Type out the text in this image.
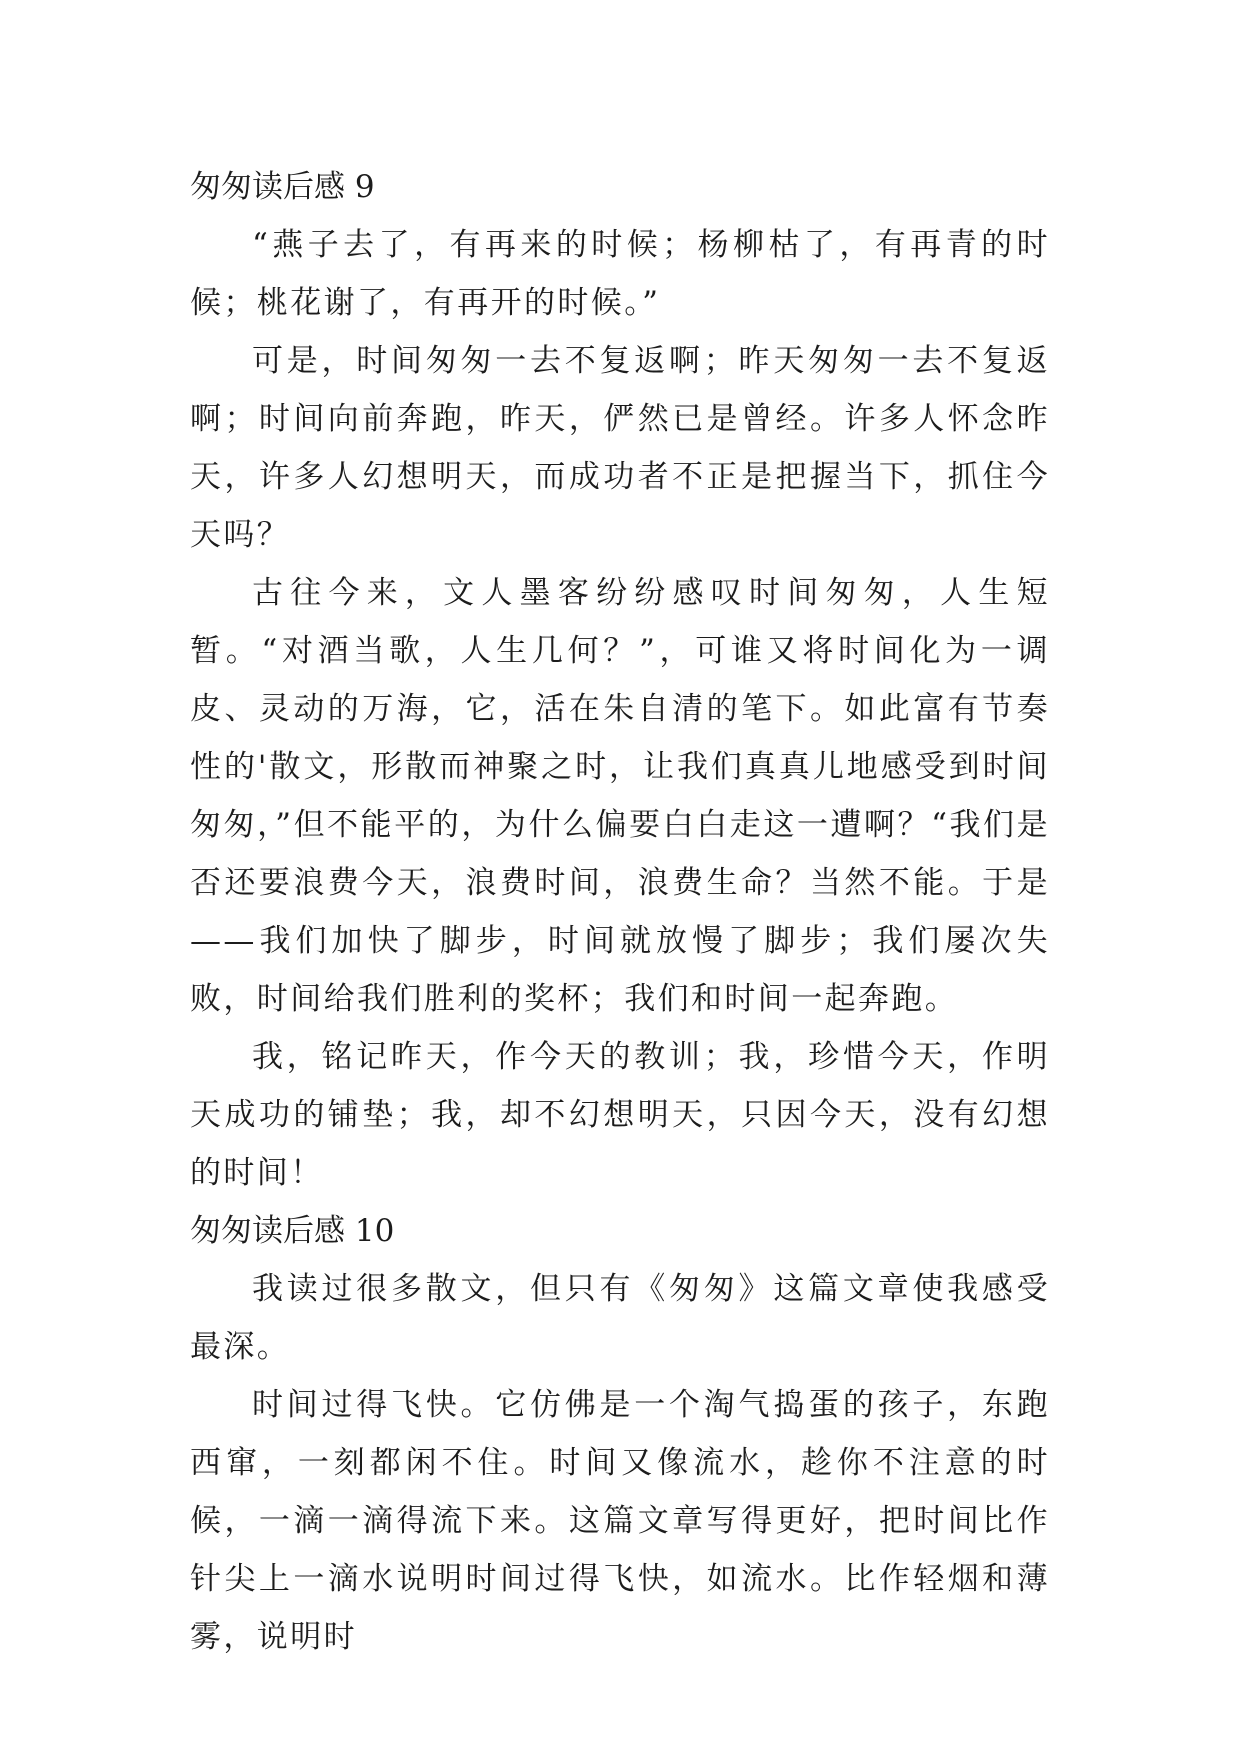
匆匆读后感 9

“燕子去了，有再来的时候；杨柳枯了，有再青的时候；桃花谢了，有再开的时候。”

可是，时间匆匆一去不复返啊；昨天匆匆一去不复返啊；时间向前奔跑，昨天，俨然已是曾经。许多人怀念昨天，许多人幻想明天，而成功者不正是把握当下，抓住今天吗？

古往今来，文人墨客纷纷感叹时间匆匆，人生短暂。“对酒当歌，人生几何？”，可谁又将时间化为一调皮、灵动的万海，它，活在朱自清的笔下。如此富有节奏性的'散文，形散而神聚之时，让我们真真儿地感受到时间匆匆，”但不能平的，为什么偏要白白走这一遭啊？“我们是否还要浪费今天，浪费时间，浪费生命？当然不能。于是——我们加快了脚步，时间就放慢了脚步；我们屡次失败，时间给我们胜利的奖杯；我们和时间一起奔跑。

我，铭记昨天，作今天的教训；我，珍惜今天，作明天成功的铺垫；我，却不幻想明天，只因今天，没有幻想的时间！

匆匆读后感 10

我读过很多散文，但只有《匆匆》这篇文章使我感受最深。

时间过得飞快。它仿佛是一个淘气捣蛋的孩子，东跑西窜，一刻都闲不住。时间又像流水，趁你不注意的时候，一滴一滴得流下来。这篇文章写得更好，把时间比作针尖上一滴水说明时间过得飞快，如流水。比作轻烟和薄雾，说明时
